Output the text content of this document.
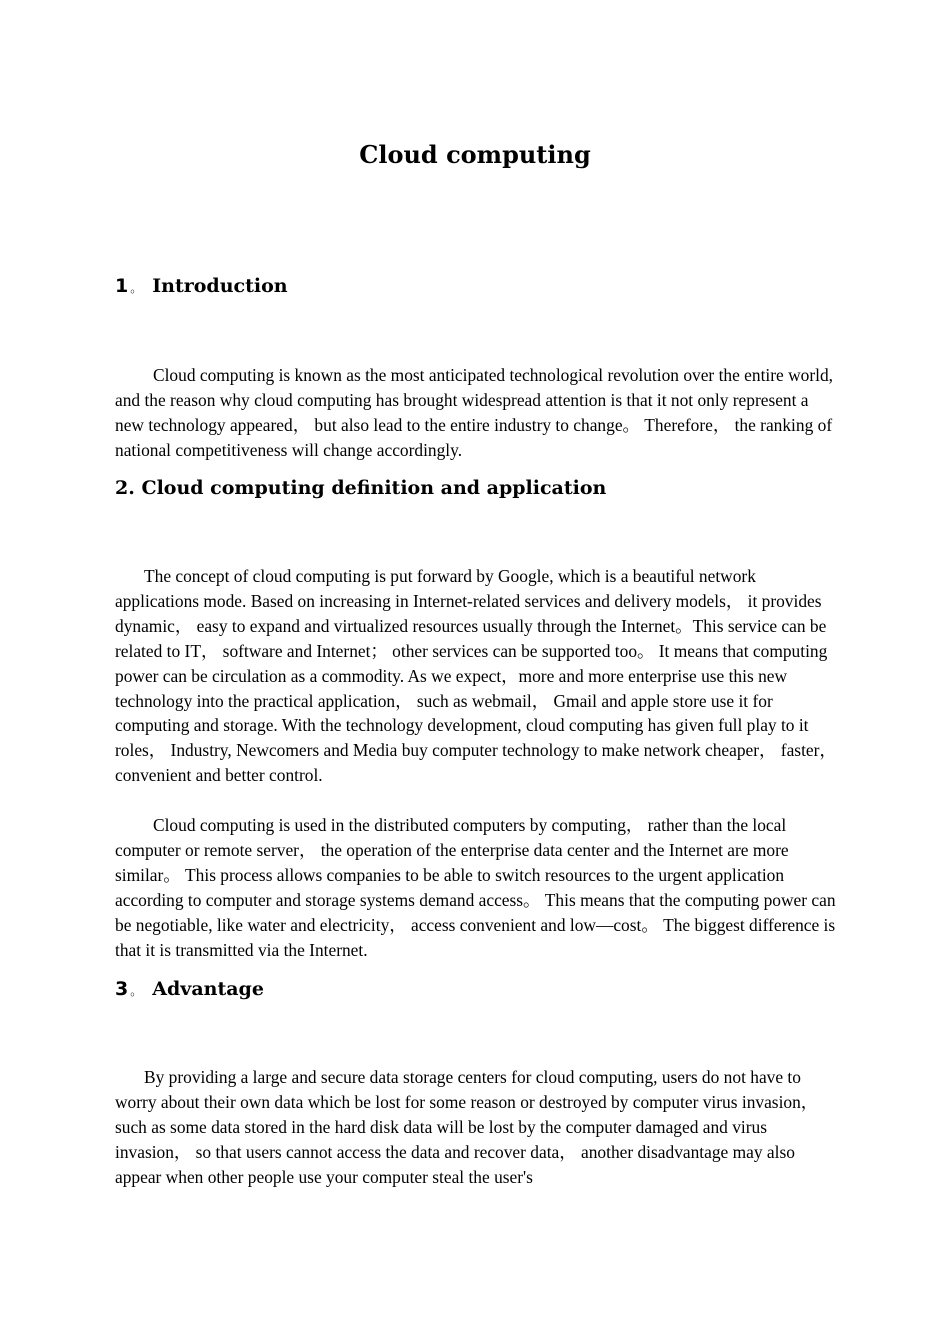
Cloud computing
1 。 Introduction

Cloud computing is known as the most anticipated technological revolution over the entire world, and the reason why cloud computing has brought widespread attention is that it not only represent a new technology appeared， but also lead to the entire industry to change。 Therefore， the ranking of national competitiveness will change accordingly.

2. Cloud computing definition and application

The concept of cloud computing is put forward by Google, which is a beautiful network applications mode. Based on increasing in Internet-related services and delivery models， it provides dynamic， easy to expand and virtualized resources usually through the Internet。This service can be related to IT， software and Internet； other services can be supported too。 It means that computing power can be circulation as a commodity. As we expect，more and more enterprise use this new technology into the practical application， such as webmail， Gmail and apple store use it for computing and storage. With the technology development, cloud computing has given full play to it roles， Industry, Newcomers and Media buy computer technology to make network cheaper， faster， convenient and better control.

Cloud computing is used in the distributed computers by computing， rather than the local computer or remote server， the operation of the enterprise data center and the Internet are more similar。 This process allows companies to be able to switch resources to the urgent application according to computer and storage systems demand access。 This means that the computing power can be negotiable, like water and electricity， access convenient and low—cost。 The biggest difference is that it is transmitted via the Internet.

3 。 Advantage

By providing a large and secure data storage centers for cloud computing, users do not have to worry about their own data which be lost for some reason or destroyed by computer virus invasion， such as some data stored in the hard disk data will be lost by the computer damaged and virus invasion， so that users cannot access the data and recover data， another disadvantage may also appear when other people use your computer steal the user's
